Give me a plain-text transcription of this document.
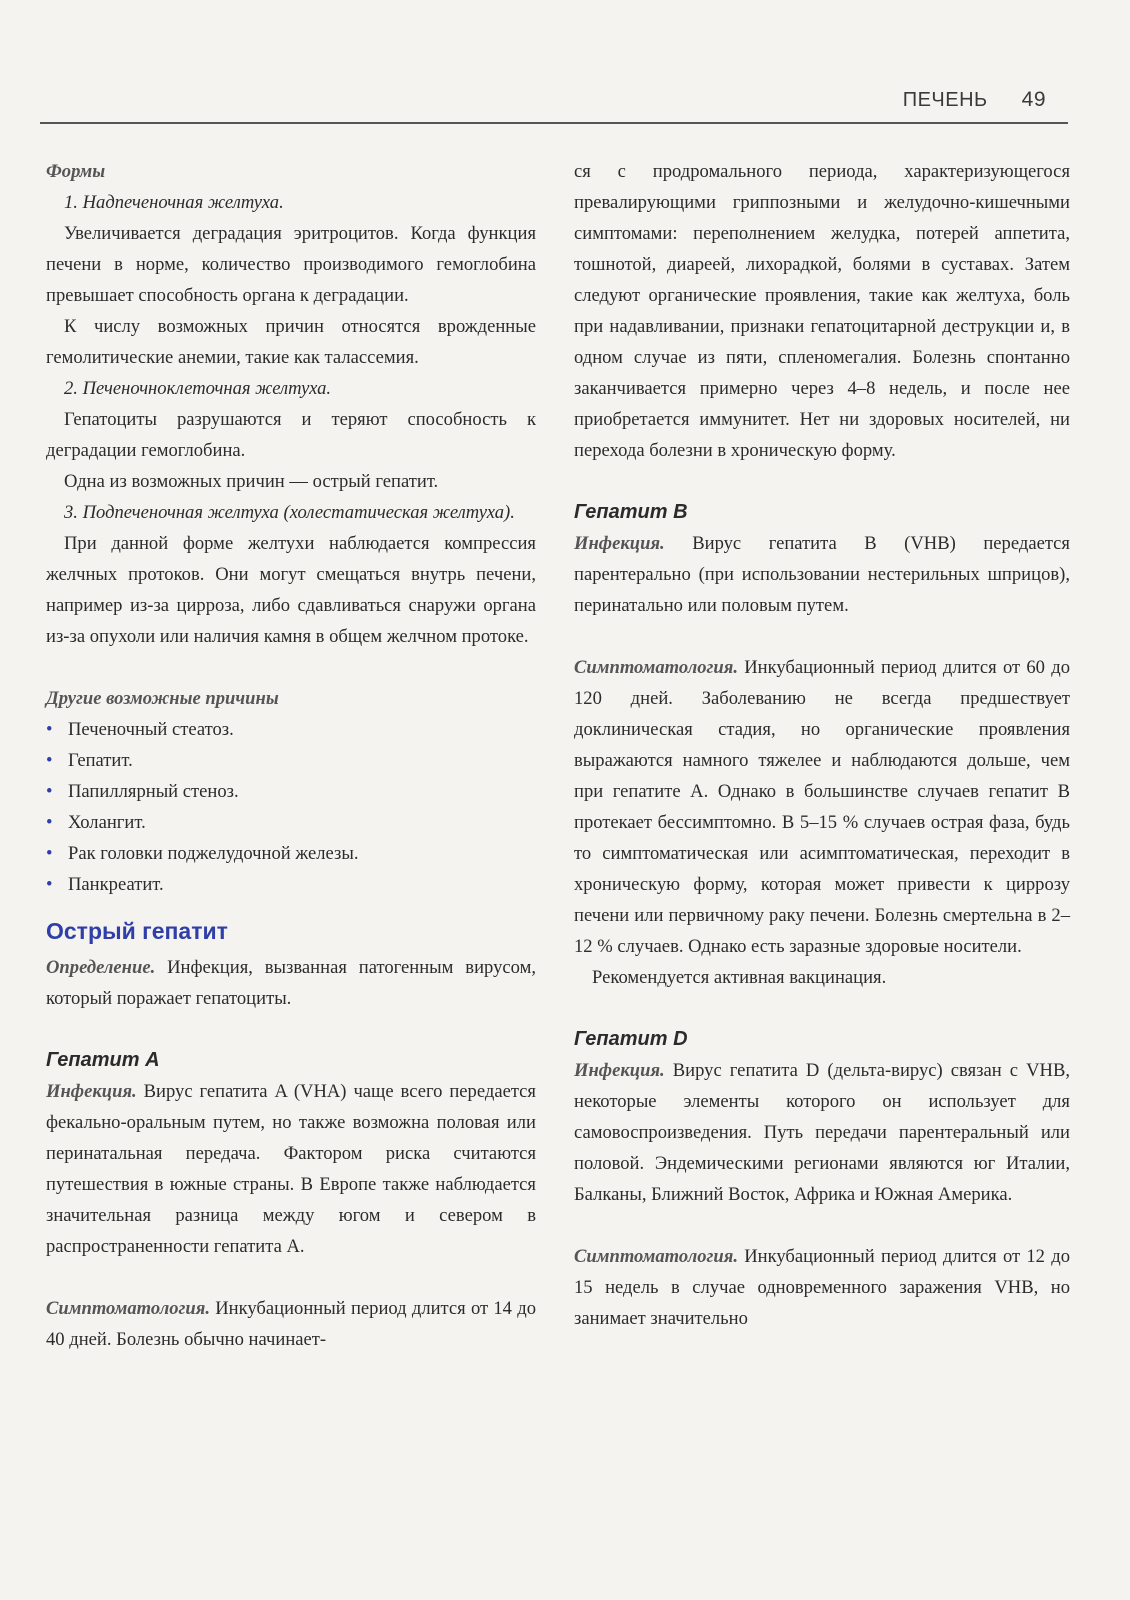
ПЕЧЕНЬ 49

Формы

1. Надпеченочная желтуха.

Увеличивается деградация эритроцитов. Когда функция печени в норме, количество производимого гемоглобина превышает способность органа к деградации.

К числу возможных причин относятся врожденные гемолитические анемии, такие как талассемия.

2. Печеночноклеточная желтуха.

Гепатоциты разрушаются и теряют способность к деградации гемоглобина.

Одна из возможных причин — острый гепатит.

3. Подпеченочная желтуха (холестатическая желтуха).

При данной форме желтухи наблюдается компрессия желчных протоков. Они могут смещаться внутрь печени, например из-за цирроза, либо сдавливаться снаружи органа из-за опухоли или наличия камня в общем желчном протоке.

Другие возможные причины

• Печеночный стеатоз.
• Гепатит.
• Папиллярный стеноз.
• Холангит.
• Рак головки поджелудочной железы.
• Панкреатит.
Острый гепатит

Определение. Инфекция, вызванная патогенным вирусом, который поражает гепатоциты.

Гепатит A

Инфекция. Вирус гепатита A (VHA) чаще всего передается фекально-оральным путем, но также возможна половая или перинатальная передача. Фактором риска считаются путешествия в южные страны. В Европе также наблюдается значительная разница между югом и севером в распространенности гепатита A.

Симптоматология. Инкубационный период длится от 14 до 40 дней. Болезнь обычно начинает-

ся с продромального периода, характеризующегося превалирующими гриппозными и желудочно-кишечными симптомами: переполнением желудка, потерей аппетита, тошнотой, диареей, лихорадкой, болями в суставах. Затем следуют органические проявления, такие как желтуха, боль при надавливании, признаки гепатоцитарной деструкции и, в одном случае из пяти, спленомегалия. Болезнь спонтанно заканчивается примерно через 4–8 недель, и после нее приобретается иммунитет. Нет ни здоровых носителей, ни перехода болезни в хроническую форму.

Гепатит B

Инфекция. Вирус гепатита B (VHB) передается парентерально (при использовании нестерильных шприцов), перинатально или половым путем.

Симптоматология. Инкубационный период длится от 60 до 120 дней. Заболеванию не всегда предшествует доклиническая стадия, но органические проявления выражаются намного тяжелее и наблюдаются дольше, чем при гепатите A. Однако в большинстве случаев гепатит B протекает бессимптомно. В 5–15 % случаев острая фаза, будь то симптоматическая или асимптоматическая, переходит в хроническую форму, которая может привести к циррозу печени или первичному раку печени. Болезнь смертельна в 2–12 % случаев. Однако есть заразные здоровые носители.

Рекомендуется активная вакцинация.

Гепатит D

Инфекция. Вирус гепатита D (дельта-вирус) связан с VHB, некоторые элементы которого он использует для самовоспроизведения. Путь передачи парентеральный или половой. Эндемическими регионами являются юг Италии, Балканы, Ближний Восток, Африка и Южная Америка.

Симптоматология. Инкубационный период длится от 12 до 15 недель в случае одновременного заражения VHB, но занимает значительно
